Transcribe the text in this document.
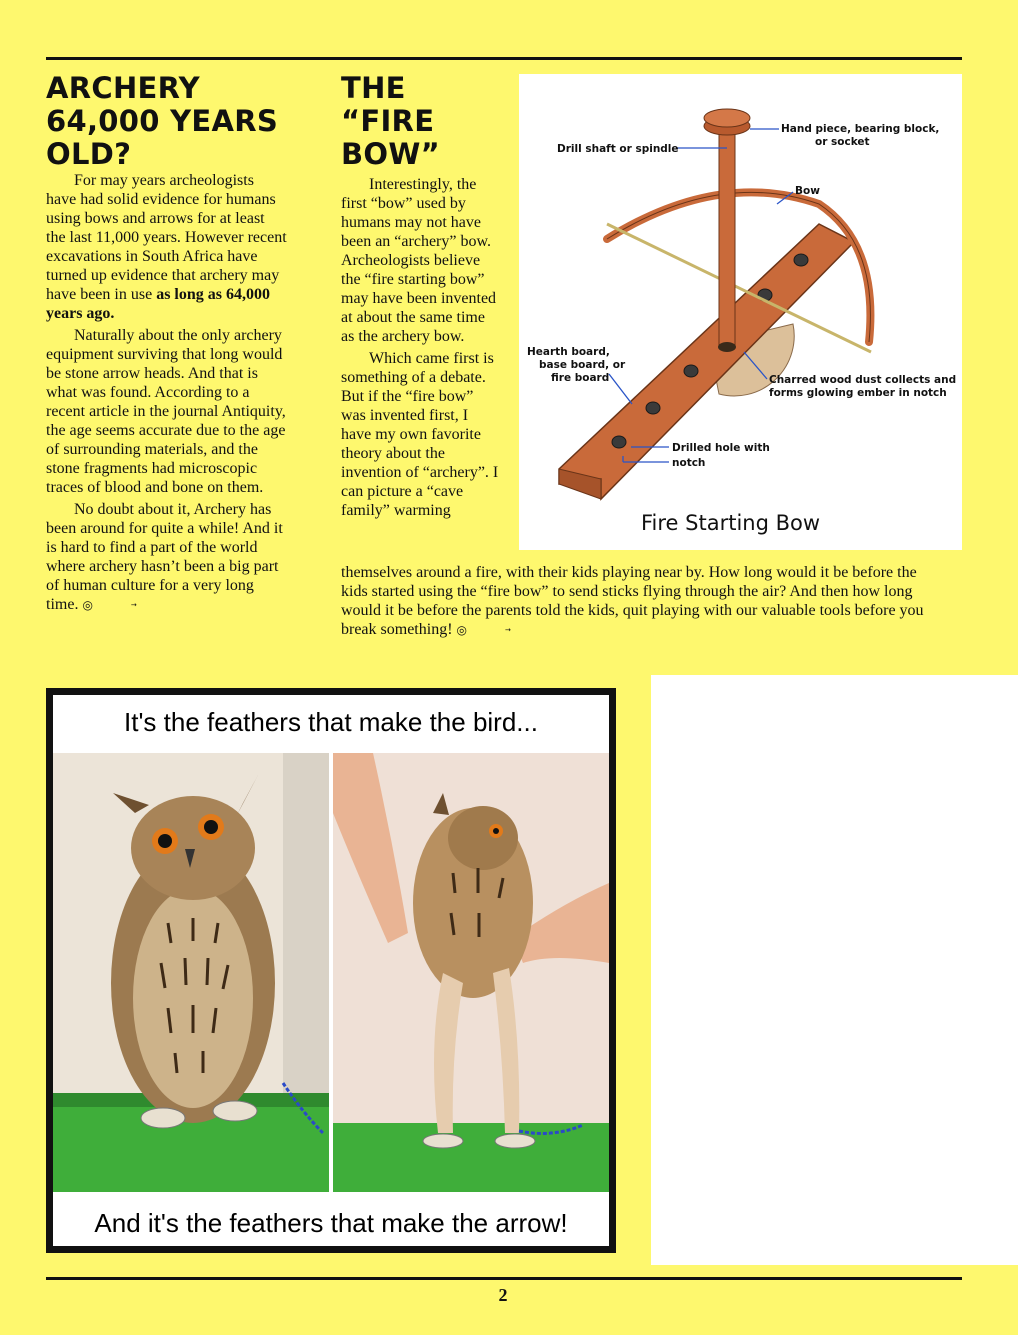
ARCHERY
64,000 YEARS
OLD?

For may years archeologists have had solid evidence for humans using bows and arrows for at least the last 11,000 years. However recent excavations in South Africa have turned up evidence that archery may have been in use as long as 64,000 years ago.

Naturally about the only archery equipment surviving that long would be stone arrow heads. And that is what was found. According to a recent article in the journal Antiquity, the age seems accurate due to the age of surrounding materials, and the stone fragments had microscopic traces of blood and bone on them.

No doubt about it, Archery has been around for quite a while! And it is hard to find a part of the world where archery hasn’t been a big part of human culture for a very long time. ◎	→

THE “FIRE
BOW”

Interestingly, the first “bow” used by humans may not have been an “archery” bow. Archeologists believe the “fire starting bow” may have been invented at about the same time as the archery bow.

Which came first is something of a debate. But if the “fire bow” was invented first, I have my own favorite theory about the invention of “archery”. I can picture a “cave family” warming

themselves around a fire, with their kids playing near by. How long would it be before the kids started using the “fire bow” to send sticks flying through the air? And then how long would it be before the parents told the kids, quit playing with our valuable tools before you break something! ◎	→

Drill shaft or spindle
Hand piece, bearing block,
or socket
Bow
Hearth board,
base board, or
fire board	Charred wood dust collects and
forms glowing ember in notch
Drilled hole with
notch
Fire Starting Bow
It's the feathers that make the bird...
And it's the feathers that make the arrow!
2
